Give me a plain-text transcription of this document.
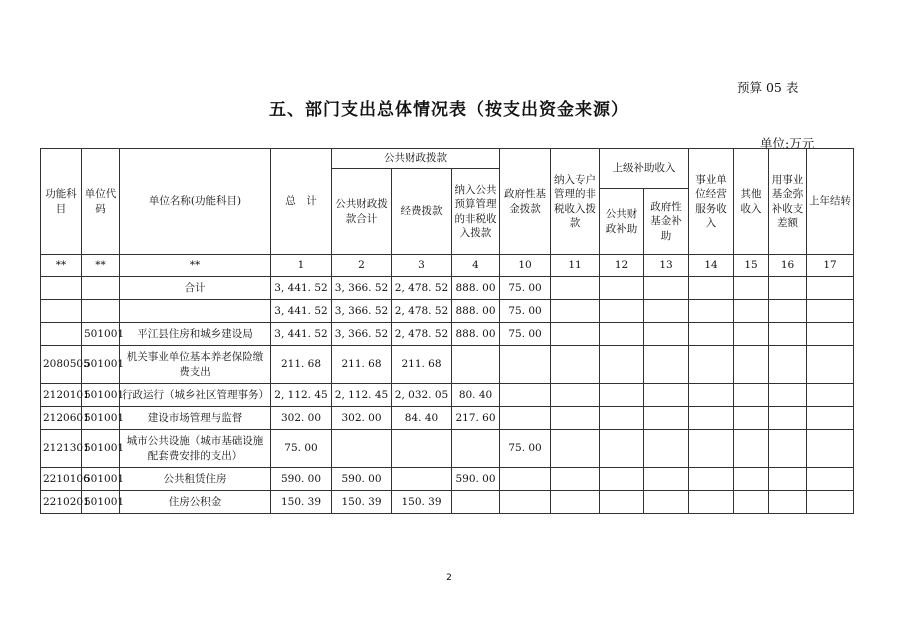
预算 05 表
五、部门支出总体情况表（按支出资金来源）
单位:万元
功能科目	单位代码	单位名称(功能科目)	总　计	公共财政拨款			政府性基金拨款	纳入专户管理的非税收入拨款	上级补助收入		事业单位经营服务收入	其他收入	用事业基金弥补收支差额	上年结转
				公共财政拨款合计	经费拨款	纳入公共预算管理的非税收入拨款								
									公共财政补助	政府性基金补助				
**	**	**	1	2	3	4	10	11	12	13	14	15	16	17
		合计	3, 441. 52	3, 366. 52	2, 478. 52	888. 00	75. 00							
			3, 441. 52	3, 366. 52	2, 478. 52	888. 00	75. 00							
	501001	平江县住房和城乡建设局	3, 441. 52	3, 366. 52	2, 478. 52	888. 00	75. 00							
2080505	501001	机关事业单位基本养老保险缴费支出	211. 68	211. 68	211. 68									
2120101	501001	行政运行（城乡社区管理事务）	2, 112. 45	2, 112. 45	2, 032. 05	80. 40								
2120601	501001	建设市场管理与监督	302. 00	302. 00	84. 40	217. 60								
2121301	501001	城市公共设施（城市基础设施配套费安排的支出）	75. 00				75. 00							
2210106	501001	公共租赁住房	590. 00	590. 00		590. 00								
2210201	501001	住房公积金	150. 39	150. 39	150. 39									
2
